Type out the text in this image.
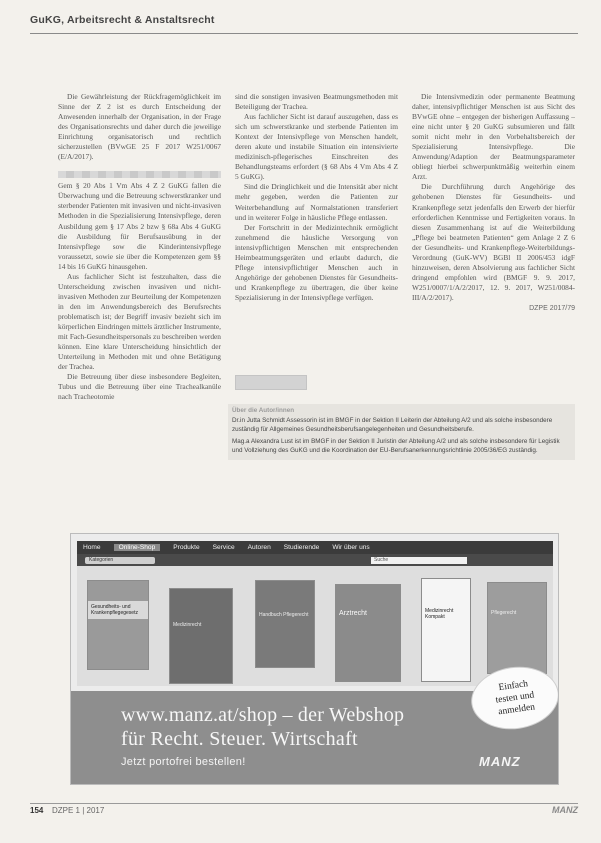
GuKG, Arbeitsrecht & Anstaltsrecht

Die Gewährleistung der Rückfragemöglichkeit im Sinne der Z 2 ist es durch Entscheidung der Anwesenden innerhalb der Organisation, in der Frage des Organisationsrechts und daher durch die jeweilige Einrichtung organisatorisch und rechtlich sicherzustellen (BVwGE 25 F 2017 W251/0067 (E/A/2017).

Gem § 20 Abs 1 Vm Abs 4 Z 2 GuKG fallen die Überwachung und die Betreuung schwerstkranker und sterbender Patienten mit invasiven und nicht-invasiven Methoden in die Spezialisierung Intensivpflege, deren Ausbildung gem § 17 Abs 2 bzw § 68a Abs 4 GuKG die Ausbildung für Berufsausübung in der Intensivpflege sow die Kinderintensivpflege voraussetzt, sowie sie über die Kompetenzen gem §§ 14 bis 16 GuKG hinausgehen.

Aus fachlicher Sicht ist festzuhalten, dass die Unterscheidung zwischen invasiven und nicht-invasiven Methoden zur Beurteilung der Kompetenzen in den im Anwendungsbereich des Berufsrechts problematisch ist; der Begriff invasiv bezieht sich im körperlichen Eindringen mittels ärztlicher Instrumente, mit Fach-Gesundheitspersonals zu beschreiben werden können. Eine klare Unterscheidung hinsichtlich der Unterteilung in Methoden mit und ohne Betätigung der Trachea.

Die Betreuung über diese insbesondere Begleiten, Tubus und die Betreuung über eine Trachealkanüle nach Tracheotomie

sind die sonstigen invasiven Beatmungsmethoden mit Beteiligung der Trachea.

Aus fachlicher Sicht ist darauf auszugehen, dass es sich um schwerstkranke und sterbende Patienten im Kontext der Intensivpflege von Menschen handelt, deren akute und instabile Situation ein intensivierte medizinisch-pflegerisches Einschreiten des Behandlungsteams erfordert (§ 68 Abs 4 Vm Abs 4 Z 5 GuKG).

Sind die Dringlichkeit und die Intensität aber nicht mehr gegeben, werden die Patienten zur Weiterbehandlung auf Normalstationen transferiert und in weiterer Folge in häusliche Pflege entlassen.

Der Fortschritt in der Medizintechnik ermöglicht zunehmend die häusliche Versorgung von intensivpflichtigen Menschen mit entsprechenden Heimbeatmungsgeräten und erlaubt dadurch, die Pflege intensivpflichtiger Menschen auch in Angehörige der gehobenen Dienstes für Gesundheits- und Krankenpflege zu übertragen, die über keine Spezialisierung in der Intensivpflege verfügen.

Die Intensivmedizin oder permanente Beatmung daher, intensivpflichtiger Menschen ist aus Sicht des BVwGE ohne – entgegen der bisherigen Auffassung – eine nicht unter § 20 GuKG subsumieren und fällt somit nicht mehr in den Vorbehaltsbereich der Spezialisierung Intensivpflege. Die Anwendung/Adaption der Beatmungsparameter obliegt hierbei schwerpunktmäßig weiterhin einem Arzt.

Die Durchführung durch Angehörige des gehobenen Dienstes für Gesundheits- und Krankenpflege setzt jedenfalls den Erwerb der hierfür erforderlichen Kenntnisse und Fertigkeiten voraus. In diesen Zusammenhang ist auf die Weiterbildung „Pflege bei beatmeten Patienten“ gem Anlage 2 Z 6 der Gesundheits- und Krankenpflege-Weiterbildungs-Verordnung (GuK-WV) BGBl II 2006/453 idgF hinzuweisen, deren Absolvierung aus fachlicher Sicht dringend empfohlen wird (BMGF 9. 9. 2017, W251/0007/1/A/2/2017, 12. 9. 2017, W251/0084-III/A/2/2017).

DZPE 2017/79
Über die Autor/innen

Dr.in Jutta Schmidt Assessorin ist im BMGF in der Sektion II Leiterin der Abteilung A/2 und als solche insbesondere zuständig für Allgemeines Gesundheitsberufsangelegenheiten und Gesundheitsberufe.

Mag.a Alexandra Lust ist im BMGF in der Sektion II Juristin der Abteilung A/2 und als solche insbesondere für Legistik und Vollziehung des GuKG und die Koordination der EU-Berufsanerkennungsrichtlinie 2005/36/EG zuständig.

Home	Online-Shop	Produkte Service Autoren Studierende Wir über uns
Kategorien	Suche
Gesundheits- und Krankenpflegegesetz
Medizinrecht
Handbuch Pflegerecht	Arztrecht	Medizinrecht Kompakt
Pflegerecht
www.manz.at/shop – der Webshop
für Recht. Steuer. Wirtschaft
Jetzt portofrei bestellen!
Einfach
testen und
anmelden
MANZ
154 DZPE 1 | 2017	MANZ
